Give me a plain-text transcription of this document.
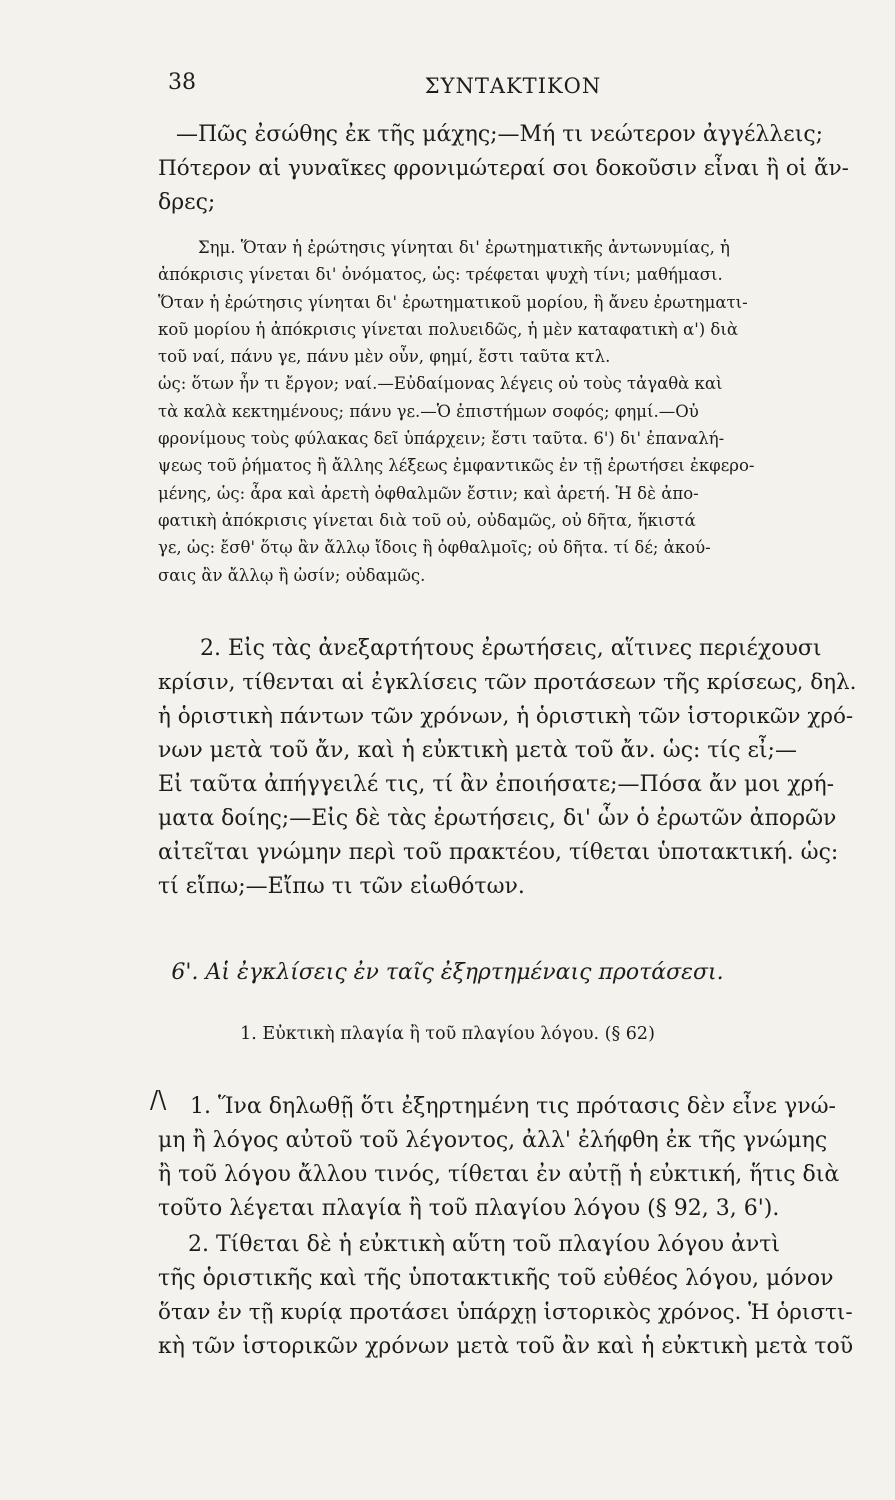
38	ΣΥΝΤΑΚΤΙΚΟΝ
—Πῶς ἐσώθης ἐκ τῆς μάχης;—Μή τι νεώτερον ἀγγέλλεις;
Πότερον αἱ γυναῖκες φρονιμώτεραί σοι δοκοῦσιν εἶναι ἢ οἱ ἄν-
δρες;
Σημ. Ὅταν ἡ ἐρώτησις γίνηται δι' ἐρωτηματικῆς ἀντωνυμίας, ἡ
ἀπόκρισις γίνεται δι' ὀνόματος, ὡς: τρέφεται ψυχὴ τίνι; μαθήμασι.
Ὅταν ἡ ἐρώτησις γίνηται δι' ἐρωτηματικοῦ μορίου, ἢ ἄνευ ἐρωτηματι-
κοῦ μορίου ἡ ἀπόκρισις γίνεται πολυειδῶς, ἡ μὲν καταφατικὴ α') διὰ
τοῦ ναί, πάνυ γε, πάνυ μὲν οὖν, φημί, ἔστι ταῦτα κτλ.
ὡς: ὅτων ἦν τι ἔργον; ναί.—Εὐδαίμονας λέγεις οὐ τοὺς τἀγαθὰ καὶ
τὰ καλὰ κεκτημένους; πάνυ γε.—Ὁ ἐπιστήμων σοφός; φημί.—Οὐ
φρονίμους τοὺς φύλακας δεῖ ὑπάρχειν; ἔστι ταῦτα. 6') δι' ἐπαναλή-
ψεως τοῦ ῥήματος ἢ ἄλλης λέξεως ἐμφαντικῶς ἐν τῇ ἐρωτήσει ἐκφερο-
μένης, ὡς: ἆρα καὶ ἀρετὴ ὀφθαλμῶν ἔστιν; καὶ ἀρετή. Ἡ δὲ ἀπο-
φατικὴ ἀπόκρισις γίνεται διὰ τοῦ οὐ, οὐδαμῶς, οὐ δῆτα, ἥκιστά
γε, ὡς: ἔσθ' ὅτῳ ἂν ἄλλῳ ἴδοις ἢ ὀφθαλμοῖς; οὐ δῆτα. τί δέ; ἀκού-
σαις ἂν ἄλλῳ ἢ ὠσίν; οὐδαμῶς.
2. Εἰς τὰς ἀνεξαρτήτους ἐρωτήσεις, αἵτινες περιέχουσι
κρίσιν, τίθενται αἱ ἐγκλίσεις τῶν προτάσεων τῆς κρίσεως, δηλ.
ἡ ὁριστικὴ πάντων τῶν χρόνων, ἡ ὁριστικὴ τῶν ἱστορικῶν χρό-
νων μετὰ τοῦ ἄν, καὶ ἡ εὐκτικὴ μετὰ τοῦ ἄν. ὡς: τίς εἶ;—
Εἰ ταῦτα ἀπήγγειλέ τις, τί ἂν ἐποιήσατε;—Πόσα ἄν μοι χρή-
ματα δοίης;—Εἰς δὲ τὰς ἐρωτήσεις, δι' ὧν ὁ ἐρωτῶν ἀπορῶν
αἰτεῖται γνώμην περὶ τοῦ πρακτέου, τίθεται ὑποτακτική. ὡς:
τί εἴπω;—Εἴπω τι τῶν εἰωθότων.
6'. Αἱ ἐγκλίσεις ἐν ταῖς ἐξηρτημέναις προτάσεσι.
1. Εὐκτικὴ πλαγία ἢ τοῦ πλαγίου λόγου. (§ 62)
/\	1. Ἵνα δηλωθῇ ὅτι ἐξηρτημένη τις πρότασις δὲν εἶνε γνώ-
μη ἢ λόγος αὐτοῦ τοῦ λέγοντος, ἀλλ' ἐλήφθη ἐκ τῆς γνώμης
ἢ τοῦ λόγου ἄλλου τινός, τίθεται ἐν αὐτῇ ἡ εὐκτική, ἥτις διὰ
τοῦτο λέγεται πλαγία ἢ τοῦ πλαγίου λόγου (§ 92, 3, 6').
2. Τίθεται δὲ ἡ εὐκτικὴ αὕτη τοῦ πλαγίου λόγου ἀντὶ
τῆς ὁριστικῆς καὶ τῆς ὑποτακτικῆς τοῦ εὐθέος λόγου, μόνον
ὅταν ἐν τῇ κυρίᾳ προτάσει ὑπάρχῃ ἱστορικὸς χρόνος. Ἡ ὁριστι-
κὴ τῶν ἱστορικῶν χρόνων μετὰ τοῦ ἂν καὶ ἡ εὐκτικὴ μετὰ τοῦ
